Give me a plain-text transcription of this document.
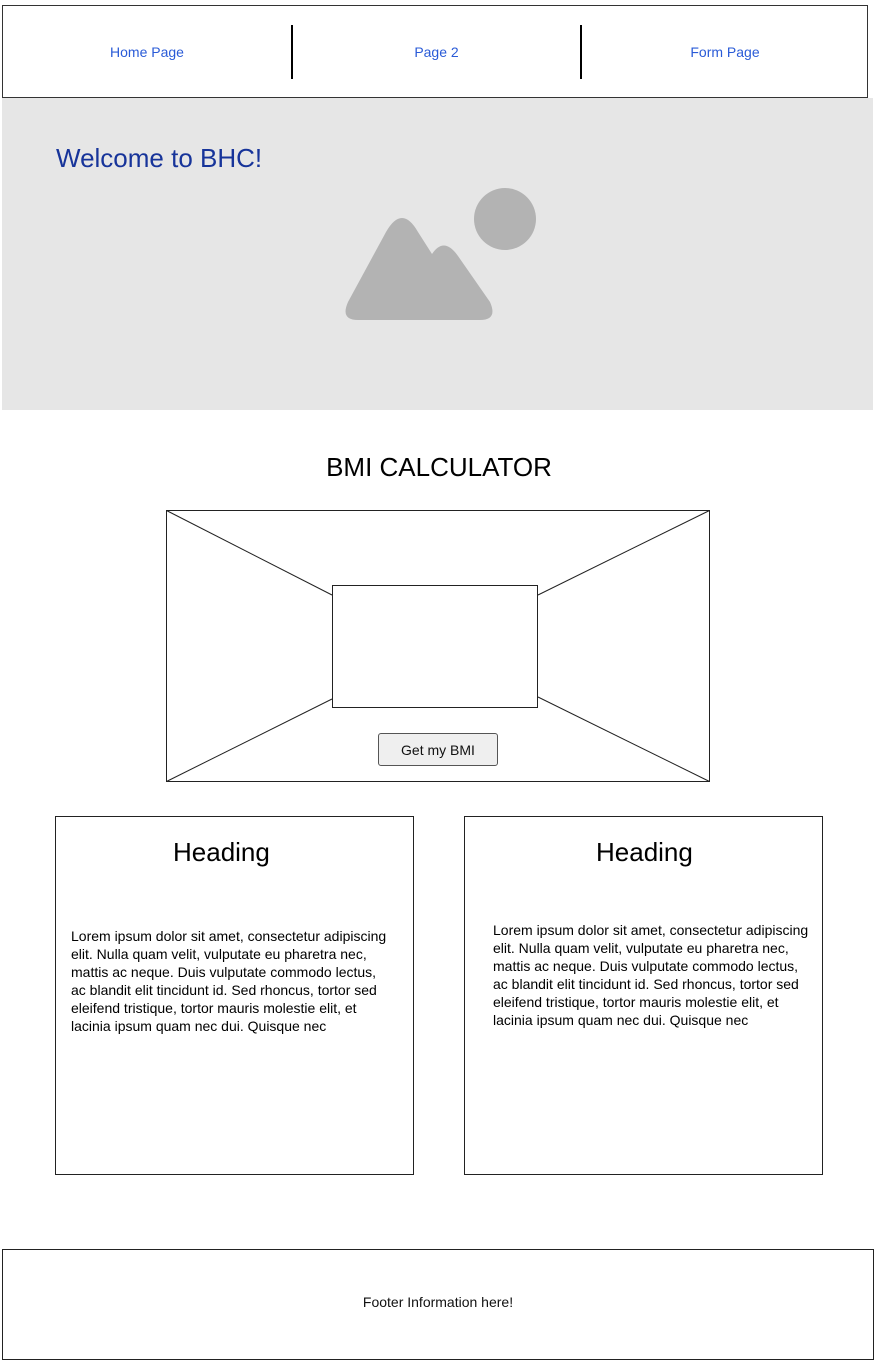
Home Page	Page 2	Form Page
Welcome to BHC!
BMI CALCULATOR
Get my BMI
Heading

Lorem ipsum dolor sit amet, consectetur adipiscing elit. Nulla quam velit, vulputate eu pharetra nec, mattis ac neque. Duis vulputate commodo lectus, ac blandit elit tincidunt id. Sed rhoncus, tortor sed eleifend tristique, tortor mauris molestie elit, et lacinia ipsum quam nec dui. Quisque nec

Heading

Lorem ipsum dolor sit amet, consectetur adipiscing elit. Nulla quam velit, vulputate eu pharetra nec, mattis ac neque. Duis vulputate commodo lectus, ac blandit elit tincidunt id. Sed rhoncus, tortor sed eleifend tristique, tortor mauris molestie elit, et lacinia ipsum quam nec dui. Quisque nec

Footer Information here!
